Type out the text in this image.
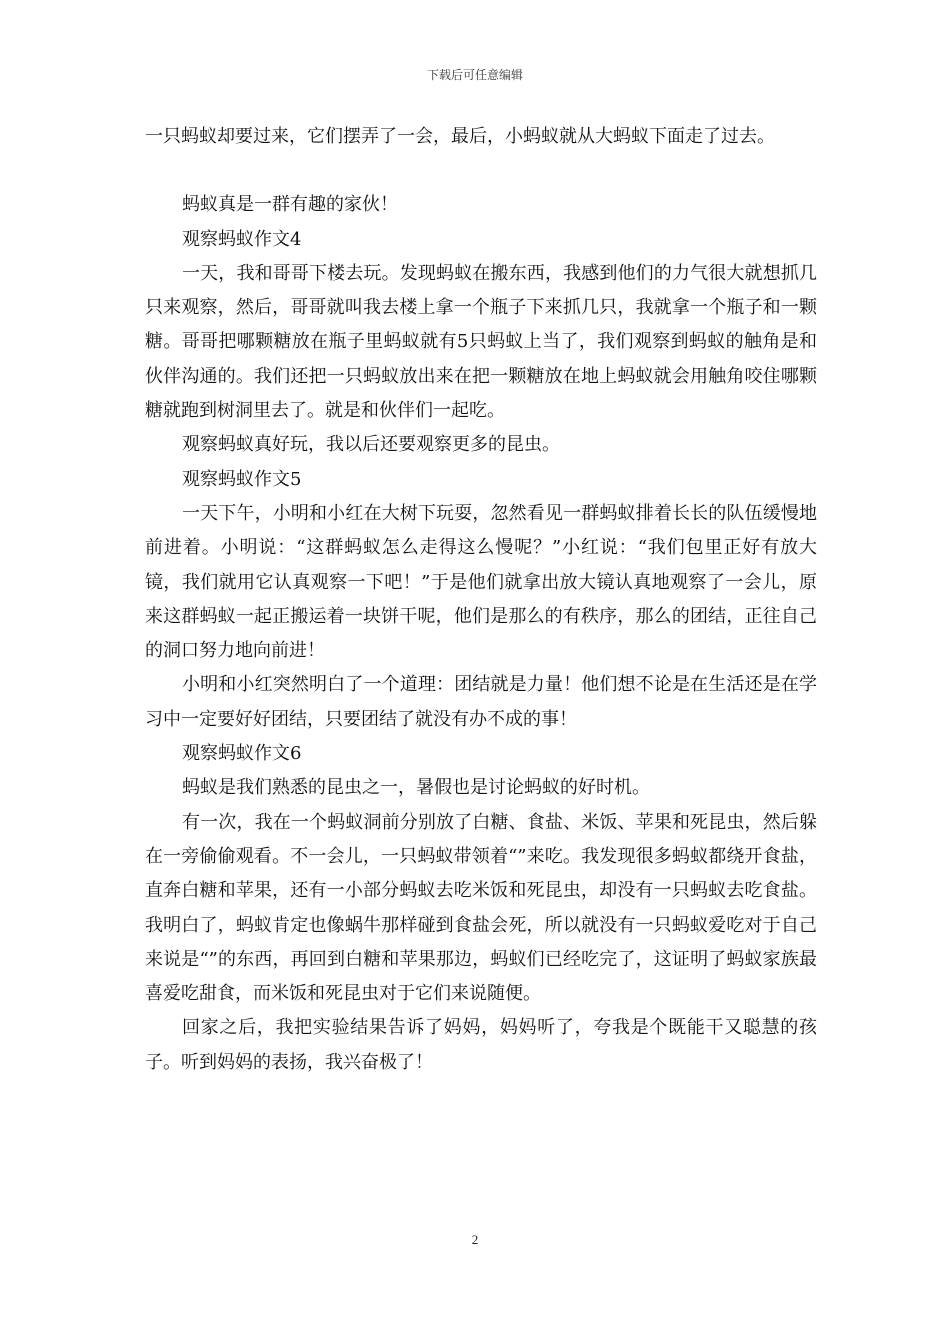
下载后可任意编辑

一只蚂蚁却要过来，它们摆弄了一会，最后，小蚂蚁就从大蚂蚁下面走了过去。

蚂蚁真是一群有趣的家伙！

观察蚂蚁作文4

一天，我和哥哥下楼去玩。发现蚂蚁在搬东西，我感到他们的力气很大就想抓几只来观察，然后，哥哥就叫我去楼上拿一个瓶子下来抓几只，我就拿一个瓶子和一颗糖。哥哥把哪颗糖放在瓶子里蚂蚁就有5只蚂蚁上当了，我们观察到蚂蚁的触角是和伙伴沟通的。我们还把一只蚂蚁放出来在把一颗糖放在地上蚂蚁就会用触角咬住哪颗糖就跑到树洞里去了。就是和伙伴们一起吃。

观察蚂蚁真好玩，我以后还要观察更多的昆虫。

观察蚂蚁作文5

一天下午，小明和小红在大树下玩耍，忽然看见一群蚂蚁排着长长的队伍缓慢地前进着。小明说：“这群蚂蚁怎么走得这么慢呢？”小红说：“我们包里正好有放大镜，我们就用它认真观察一下吧！”于是他们就拿出放大镜认真地观察了一会儿，原来这群蚂蚁一起正搬运着一块饼干呢，他们是那么的有秩序，那么的团结，正往自己的洞口努力地向前进！

小明和小红突然明白了一个道理：团结就是力量！他们想不论是在生活还是在学习中一定要好好团结，只要团结了就没有办不成的事！

观察蚂蚁作文6

蚂蚁是我们熟悉的昆虫之一，暑假也是讨论蚂蚁的好时机。

有一次，我在一个蚂蚁洞前分别放了白糖、食盐、米饭、苹果和死昆虫，然后躲在一旁偷偷观看。不一会儿，一只蚂蚁带领着“”来吃。我发现很多蚂蚁都绕开食盐，直奔白糖和苹果，还有一小部分蚂蚁去吃米饭和死昆虫，却没有一只蚂蚁去吃食盐。我明白了，蚂蚁肯定也像蜗牛那样碰到食盐会死，所以就没有一只蚂蚁爱吃对于自己来说是“”的东西，再回到白糖和苹果那边，蚂蚁们已经吃完了，这证明了蚂蚁家族最喜爱吃甜食，而米饭和死昆虫对于它们来说随便。

回家之后，我把实验结果告诉了妈妈，妈妈听了，夸我是个既能干又聪慧的孩子。听到妈妈的表扬，我兴奋极了！

2
